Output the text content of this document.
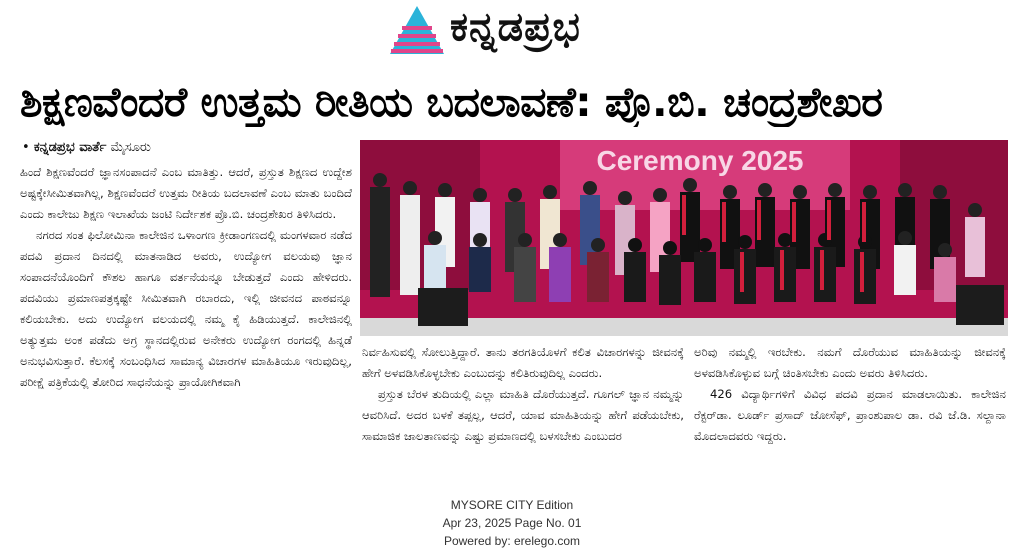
ಕನ್ನಡಪ್ರಭ
ಶಿಕ್ಷಣವೆಂದರೆ ಉತ್ತಮ ರೀತಿಯ ಬದಲಾವಣೆ: ಪ್ರೊ.ಬಿ. ಚಂದ್ರಶೇಖರ
• ಕನ್ನಡಪ್ರಭ ವಾರ್ತೆ ಮೈಸೂರು

ಹಿಂದೆ ಶಿಕ್ಷಣವೆಂದರೆ ಜ್ಞಾನಸಂಪಾದನೆ ಎಂಬ ಮಾತಿತ್ತು. ಆದರೆ, ಪ್ರಸ್ತುತ ಶಿಕ್ಷಣದ ಉದ್ದೇಶ ಅಷ್ಟಕ್ಕೇಸೀಮಿತವಾಗಿಲ್ಲ, ಶಿಕ್ಷಣವೆಂದರೆ ಉತ್ತಮ ರೀತಿಯ ಬದಲಾವಣೆ ಎಂಬ ಮಾತು ಬಂದಿದೆ ಎಂದು ಕಾಲೇಜು ಶಿಕ್ಷಣ ಇಲಾಖೆಯ ಜಂಟಿ ನಿರ್ದೇಶಕ ಪ್ರೊ.ಬಿ. ಚಂದ್ರಶೇಖರ ತಿಳಿಸಿದರು.

ನಗರದ ಸಂತ ಫಿಲೋಮಿನಾ ಕಾಲೇಜಿನ ಒಳಾಂಗಣ ಕ್ರೀಡಾಂಗಣದಲ್ಲಿ ಮಂಗಳವಾರ ನಡೆದ ಪದವಿ ಪ್ರದಾನ ದಿನದಲ್ಲಿ ಮಾತನಾಡಿದ ಅವರು, ಉದ್ಯೋಗ ವಲಯವು ಜ್ಞಾನ ಸಂಪಾದನೆಯೊಂದಿಗೆ ಕೌಶಲ ಹಾಗೂ ವರ್ತನೆಯನ್ನೂ ಬೇಡುತ್ತದೆ ಎಂದು ಹೇಳಿದರು. ಪದವಿಯು ಪ್ರಮಾಣಪತ್ರಕ್ಕಷ್ಟೇ ಸೀಮಿತವಾಗಿ ರಬಾರದು, ಇಲ್ಲಿ ಜೀವನದ ಪಾಠವನ್ನೂ ಕಲಿಯಬೇಕು. ಅದು ಉದ್ಯೋಗ ವಲಯದಲ್ಲಿ ನಮ್ಮ ಕೈ ಹಿಡಿಯುತ್ತದೆ. ಕಾಲೇಜಿನಲ್ಲಿ ಅತ್ಯುತ್ತಮ ಅಂಕ ಪಡೆದು ಅಗ್ರ ಸ್ಥಾನದಲ್ಲಿರುವ ಅನೇಕರು ಉದ್ಯೋಗ ರಂಗದಲ್ಲಿ ಹಿನ್ನಡೆ ಅನುಭವಿಸುತ್ತಾರೆ. ಕೆಲಸಕ್ಕೆ ಸಂಬಂಧಿಸಿದ ಸಾಮಾನ್ಯ ವಿಚಾರಗಳ ಮಾಹಿತಿಯೂ ಇರುವುದಿಲ್ಲ, ಪರೀಕ್ಷೆ ಪತ್ರಿಕೆಯಲ್ಲಿ ತೋರಿದ ಸಾಧನೆಯನ್ನು ಪ್ರಾಯೋಗಿಕವಾಗಿ

Ceremony 2025

ನಿರ್ವಹಿಸುವಲ್ಲಿ ಸೋಲುತ್ತಿದ್ದಾರೆ. ತಾನು ತರಗತಿಯೊಳಗೆ ಕಲಿತ ವಿಚಾರಗಳನ್ನು ಜೀವನಕ್ಕೆ ಹೇಗೆ ಅಳವಡಿಸಿಕೊಳ್ಳಬೇಕು ಎಂಬುದನ್ನು ಕಲಿತಿರುವುದಿಲ್ಲ ಎಂದರು.

ಪ್ರಸ್ತುತ ಬೆರಳ ತುದಿಯಲ್ಲಿ ಎಲ್ಲಾ ಮಾಹಿತಿ ದೊರೆಯುತ್ತದೆ. ಗೂಗಲ್ ಜ್ಞಾನ ನಮ್ಮನ್ನು ಆವರಿಸಿದೆ. ಅದರ ಬಳಕೆ ತಪ್ಪಲ್ಲ, ಆದರೆ, ಯಾವ ಮಾಹಿತಿಯನ್ನು ಹೇಗೆ ಪಡೆಯಬೇಕು, ಸಾಮಾಜಿಕ ಜಾಲತಾಣವನ್ನು ಎಷ್ಟು ಪ್ರಮಾಣದಲ್ಲಿ ಬಳಸಬೇಕು ಎಂಬುದರ

ಅರಿವು ನಮ್ಮಲ್ಲಿ ಇರಬೇಕು. ನಮಗೆ ದೊರೆಯುವ ಮಾಹಿತಿಯನ್ನು ಜೀವನಕ್ಕೆ ಅಳವಡಿಸಿಕೊಳ್ಳುವ ಬಗ್ಗೆ ಚಿಂತಿಸಬೇಕು ಎಂದು ಅವರು ತಿಳಿಸಿದರು.

426 ವಿದ್ಯಾರ್ಥಿಗಳಿಗೆ ವಿವಿಧ ಪದವಿ ಪ್ರದಾನ ಮಾಡಲಾಯಿತು. ಕಾಲೇಜಿನ ರೆಕ್ಟರ್‌ಡಾ. ಲೂರ್ಡ್ ಪ್ರಸಾದ್ ಜೋಸೆಫ್, ಪ್ರಾಂಶುಪಾಲ ಡಾ. ರವಿ ಜೆ.ಡಿ. ಸಲ್ದಾನಾ ಮೊದಲಾದವರು ಇದ್ದರು.

MYSORE CITY Edition
Apr 23, 2025 Page No. 01
Powered by: erelego.com
